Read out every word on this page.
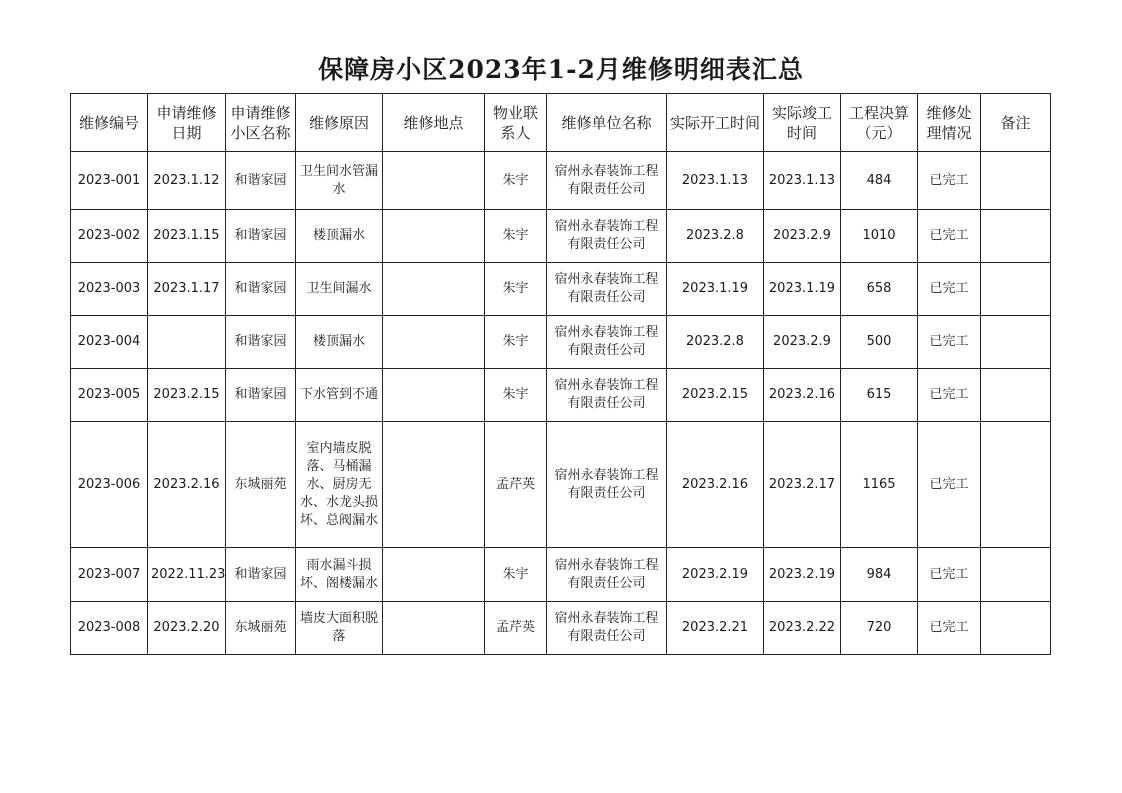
保障房小区2023年1-2月维修明细表汇总
维修编号	申请维修日期	申请维修小区名称	维修原因	维修地点	物业联系人	维修单位名称	实际开工时间	实际竣工时间	工程决算（元）	维修处理情况	备注
2023-001	2023.1.12	和谐家园	卫生间水管漏水		朱宇	宿州永春装饰工程有限责任公司	2023.1.13	2023.1.13	484	已完工	
2023-002	2023.1.15	和谐家园	楼顶漏水		朱宇	宿州永春装饰工程有限责任公司	2023.2.8	2023.2.9	1010	已完工	
2023-003	2023.1.17	和谐家园	卫生间漏水		朱宇	宿州永春装饰工程有限责任公司	2023.1.19	2023.1.19	658	已完工	
2023-004		和谐家园	楼顶漏水		朱宇	宿州永春装饰工程有限责任公司	2023.2.8	2023.2.9	500	已完工	
2023-005	2023.2.15	和谐家园	下水管到不通		朱宇	宿州永春装饰工程有限责任公司	2023.2.15	2023.2.16	615	已完工	
2023-006	2023.2.16	东城丽苑	室内墙皮脱落、马桶漏水、厨房无水、水龙头损坏、总阀漏水		孟芹英	宿州永春装饰工程有限责任公司	2023.2.16	2023.2.17	1165	已完工	
2023-007	2022.11.23	和谐家园	雨水漏斗损坏、阁楼漏水		朱宇	宿州永春装饰工程有限责任公司	2023.2.19	2023.2.19	984	已完工	
2023-008	2023.2.20	东城丽苑	墙皮大面积脱落		孟芹英	宿州永春装饰工程有限责任公司	2023.2.21	2023.2.22	720	已完工	
